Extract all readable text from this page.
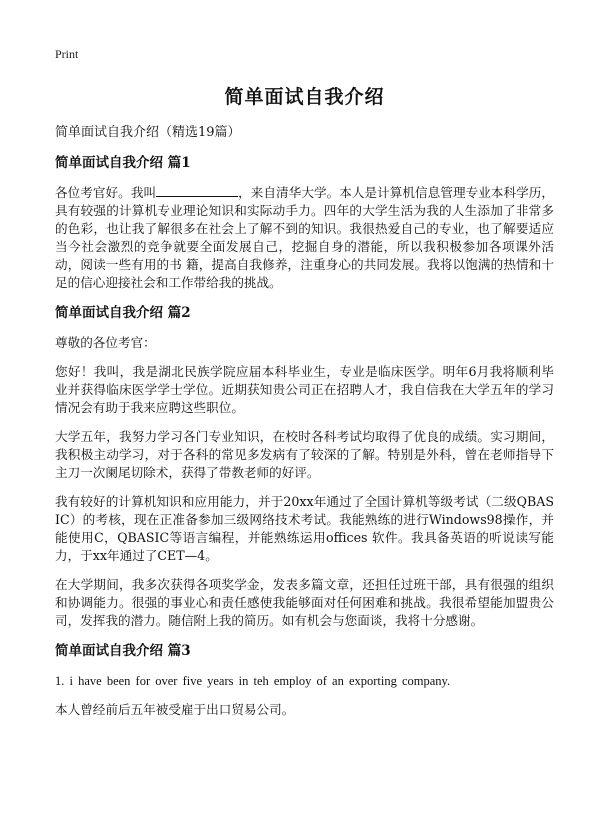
Print
简单面试自我介绍
简单面试自我介绍（精选19篇）
简单面试自我介绍 篇1
各位考官好。我叫	，来自清华大学。本人是计算机信息管理专业本科学历，具有较强的计算机专业理论知识和实际动手力。四年的大学生活为我的人生添加了非常多的色彩，也让我了解很多在社会上了解不到的知识。我很热爱自己的专业，也了解要适应当今社会激烈的竞争就要全面发展自己，挖掘自身的潜能，所以我积极参加各项课外活动，阅读一些有用的书 籍，提高自我修养，注重身心的共同发展。我将以饱满的热情和十足的信心迎接社会和工作带给我的挑战。
简单面试自我介绍 篇2
尊敬的各位考官：
您好！我叫，我是湖北民族学院应届本科毕业生，专业是临床医学。明年6月我将顺利毕业并获得临床医学学士学位。近期获知贵公司正在招聘人才，我自信我在大学五年的学习情况会有助于我来应聘这些职位。
大学五年，我努力学习各门专业知识，在校时各科考试均取得了优良的成绩。实习期间，我积极主动学习，对于各科的常见多发病有了较深的了解。特别是外科，曾在老师指导下主刀一次阑尾切除术，获得了带教老师的好评。
我有较好的计算机知识和应用能力，并于20xx年通过了全国计算机等级考试（二级QBASIC）的考核，现在正准备参加三级网络技术考试。我能熟练的进行Windows98操作，并能使用C，QBASIC等语言编程，并能熟练运用offices 软件。我具备英语的听说读写能力，于xx年通过了CET—4。
在大学期间，我多次获得各项奖学金，发表多篇文章，还担任过班干部，具有很强的组织和协调能力。很强的事业心和责任感使我能够面对任何困难和挑战。我很希望能加盟贵公司，发挥我的潜力。随信附上我的简历。如有机会与您面谈，我将十分感谢。
简单面试自我介绍 篇3
1. i have been for over five years in teh employ of an exporting company.
本人曾经前后五年被受雇于出口贸易公司。
